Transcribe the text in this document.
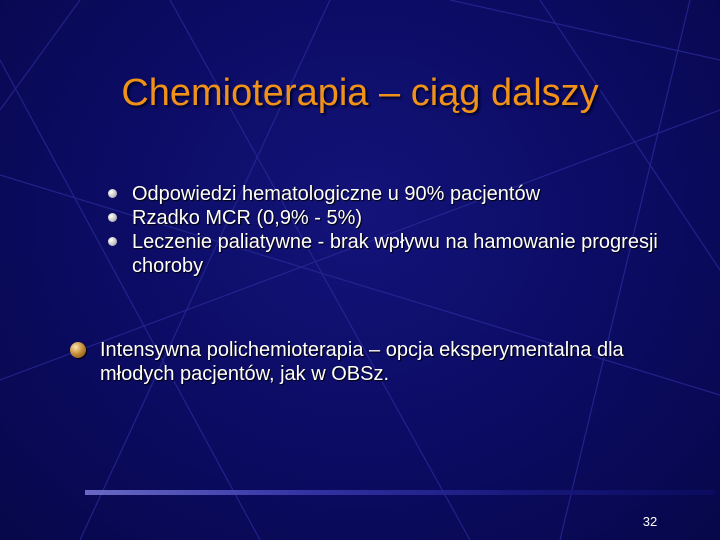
Chemioterapia – ciąg dalszy
Odpowiedzi hematologiczne u 90% pacjentów
Rzadko MCR (0,9% - 5%)
Leczenie paliatywne - brak wpływu na hamowanie progresji choroby
Intensywna polichemioterapia – opcja eksperymentalna dla młodych pacjentów, jak w OBSz.
32
